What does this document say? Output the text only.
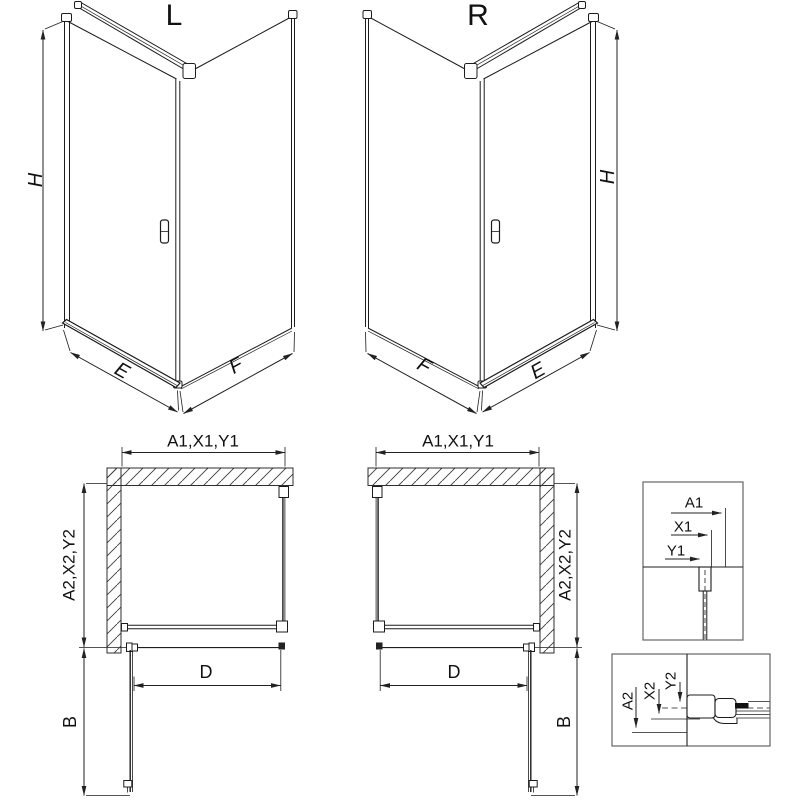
L	R
H	H
E	F	E
F
A1,X1,Y1	A1,X1,Y1
A2,X2,Y2	A2,X2,Y2
D	D
B	B
A1
X1
Y1
A2
X2
Y2
